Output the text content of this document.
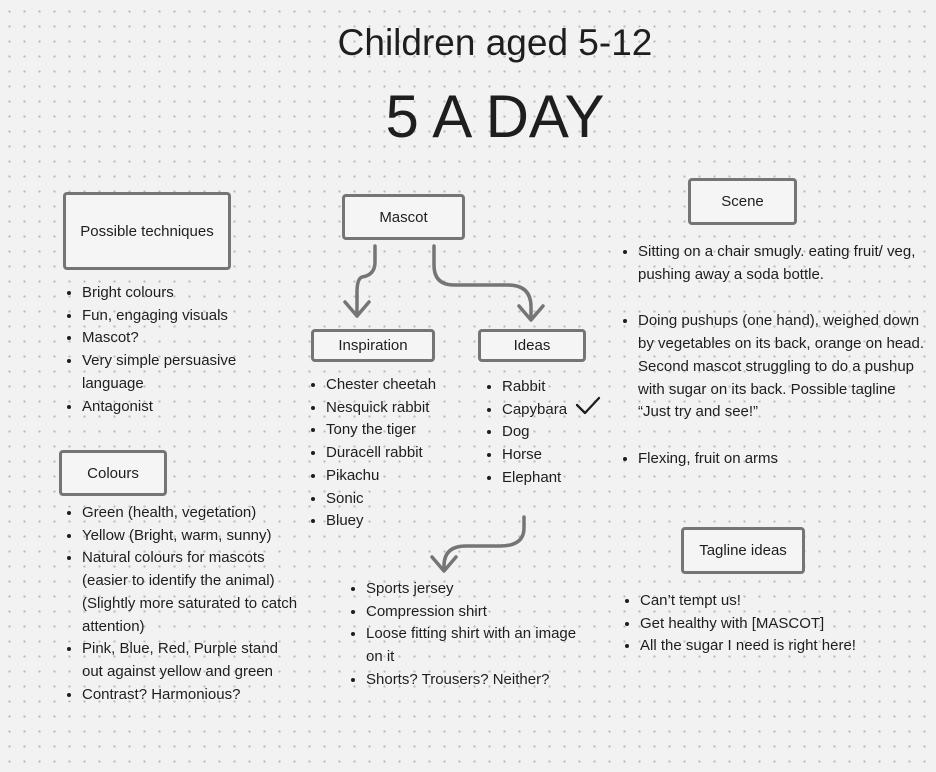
Children aged 5-12
5 A DAY
Possible techniques
Colours
Mascot
Inspiration	Ideas
Scene
Tagline ideas
• Bright colours
• Fun, engaging visuals
• Mascot?
• Very simple persuasive language
• Antagonist
• Green (health, vegetation)
• Yellow (Bright, warm, sunny)
• Natural colours for mascots (easier to identify the animal)(Slightly more saturated to catch attention)
• Pink, Blue, Red, Purple stand out against yellow and green
• Contrast? Harmonious?
• Chester cheetah
• Nesquick rabbit
• Tony the tiger
• Duracell rabbit
• Pikachu
• Sonic
• Bluey
• Rabbit
• Capybara
• Dog
• Horse
• Elephant
• Sports jersey
• Compression shirt
• Loose fitting shirt with an image on it
• Shorts? Trousers? Neither?
• Sitting on a chair smugly. eating fruit/ veg, pushing away a soda bottle.
• Doing pushups (one hand), weighed down by vegetables on its back, orange on head. Second mascot struggling to do a pushup with sugar on its back. Possible tagline “Just try and see!”
• Flexing, fruit on arms
• Can’t tempt us!
• Get healthy with [MASCOT]
• All the sugar I need is right here!
